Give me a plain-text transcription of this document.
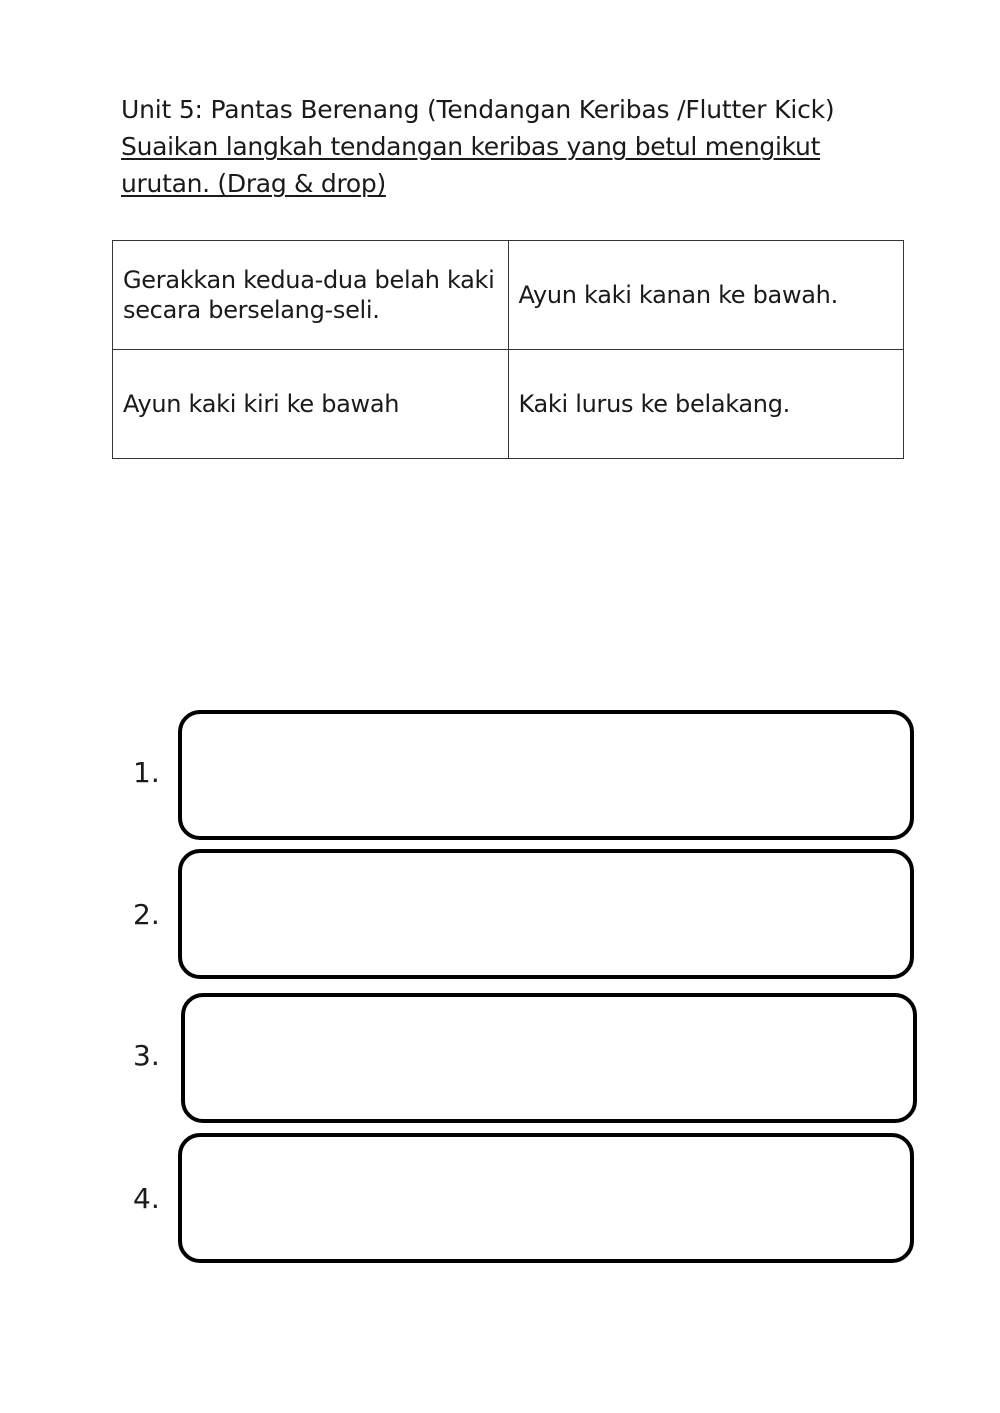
Unit 5: Pantas Berenang (Tendangan Keribas /Flutter Kick)
Suaikan langkah tendangan keribas yang betul mengikut
urutan. (Drag & drop)
Gerakkan kedua-dua belah kaki secara berselang-seli.	Ayun kaki kanan ke bawah.
Ayun kaki kiri ke bawah	Kaki lurus ke belakang.
1.
2.
3.
4.
